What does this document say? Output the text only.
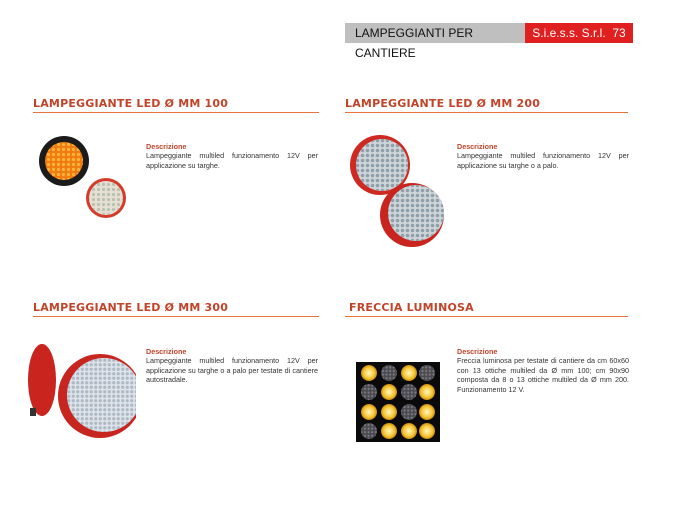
LAMPEGGIANTI PER CANTIERE
S.i.e.s.s. S.r.l. 73
LAMPEGGIANTE LED Ø MM 100
Descrizione
Lampeggiante multiled funzionamento 12V per applicazione su targhe.
LAMPEGGIANTE LED Ø MM 200
Descrizione
Lampeggiante multiled funzionamento 12V per applicazione su targhe o a palo.
LAMPEGGIANTE LED Ø MM 300
Descrizione
Lampeggiante multiled funzionamento 12V per applicazione su targhe o a palo per testate di cantiere autostradale.
FRECCIA LUMINOSA
Descrizione
Freccia luminosa per testate di cantiere da cm 60x60 con 13 ottiche multiled da Ø mm 100; cm 90x90 composta da 8 o 13 ottiche multiled da Ø mm 200. Funzionamento 12 V.
